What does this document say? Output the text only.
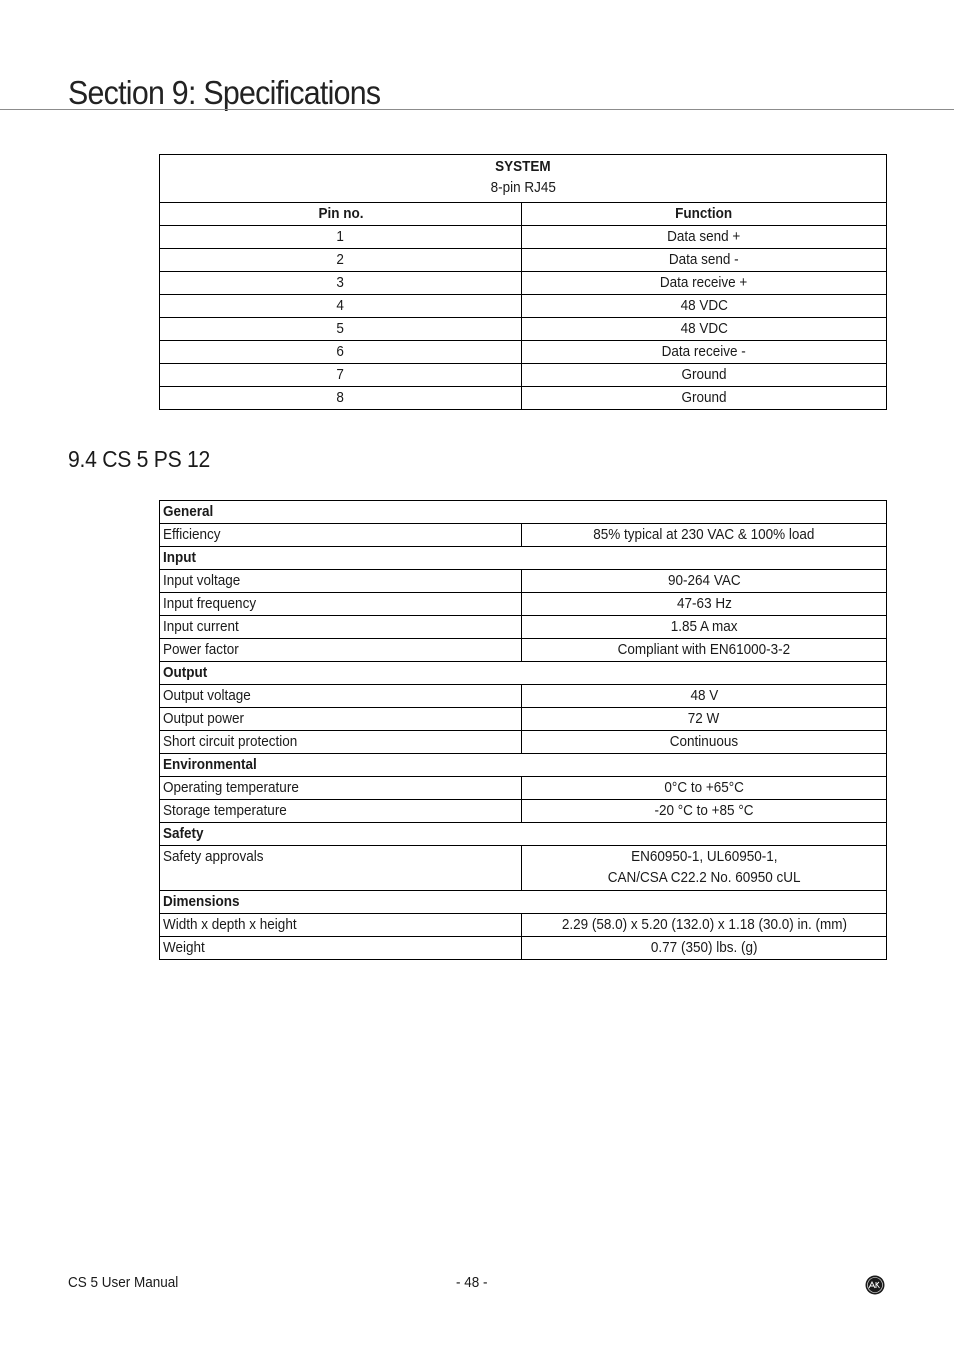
Section 9: Specifications
SYSTEM
8-pin RJ45	
Pin no.	Function
1	Data send +
2	Data send -
3	Data receive +
4	48 VDC
5	48 VDC
6	Data receive -
7	Ground
8	Ground
9.4 CS 5 PS 12
General	
Efficiency	85% typical at 230 VAC & 100% load
Input	
Input voltage	90-264 VAC
Input frequency	47-63 Hz
Input current	1.85 A max
Power factor	Compliant with EN61000-3-2
Output	
Output voltage	48 V
Output power	72 W
Short circuit protection	Continuous
Environmental	
Operating temperature	0°C to +65°C
Storage temperature	-20 °C to +85 °C
Safety	
Safety approvals	EN60950-1, UL60950-1,
CAN/CSA C22.2 No. 60950 cUL
Dimensions	
Width x depth x height	2.29 (58.0) x 5.20 (132.0) x 1.18 (30.0) in. (mm)
Weight	0.77 (350) lbs. (g)
CS 5 User Manual	- 48 -
